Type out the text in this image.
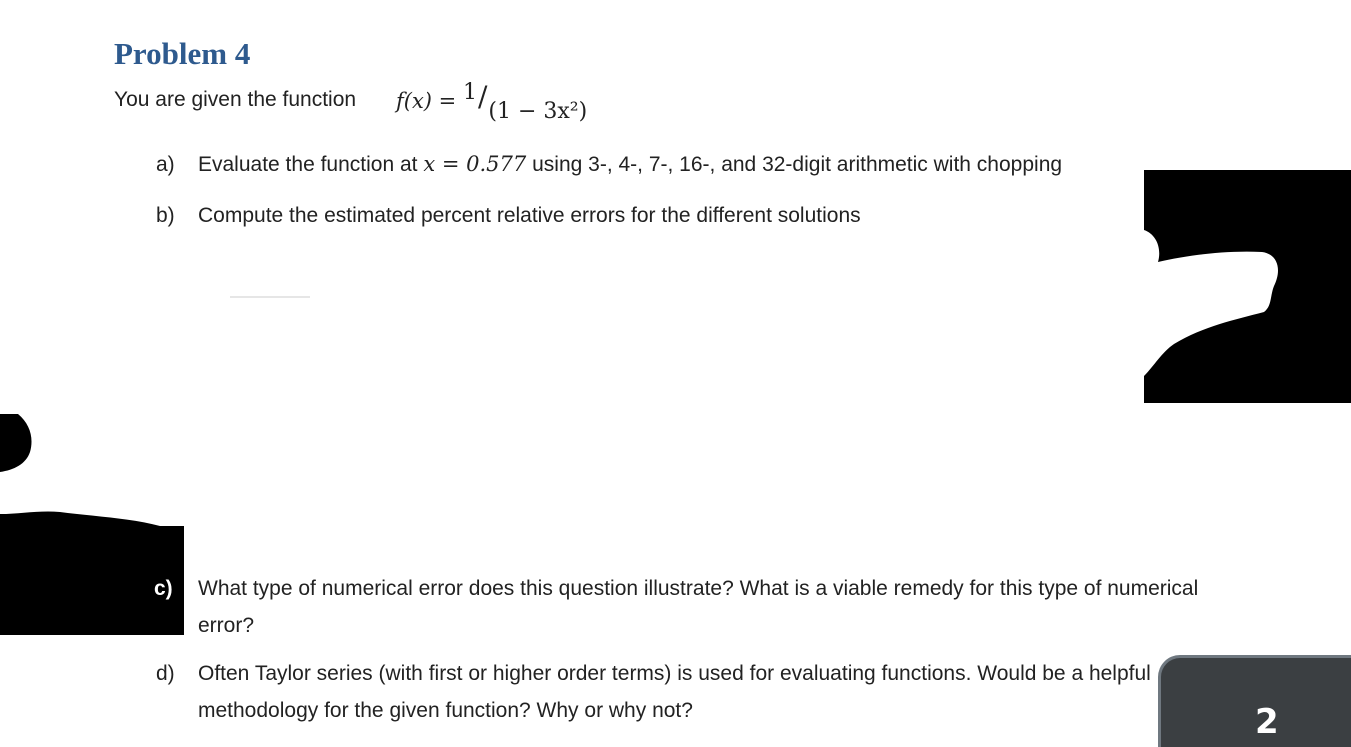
Problem 4
You are given the function f(x) = 1/(1 − 3x²)
a) Evaluate the function at x = 0.577 using 3-, 4-, 7-, 16-, and 32-digit arithmetic with chopping
b) Compute the estimated percent relative errors for the different solutions
c) What type of numerical error does this question illustrate? What is a viable remedy for this type of numerical error?
d) Often Taylor series (with first or higher order terms) is used for evaluating functions. Would be a helpful methodology for the given function? Why or why not?	2
